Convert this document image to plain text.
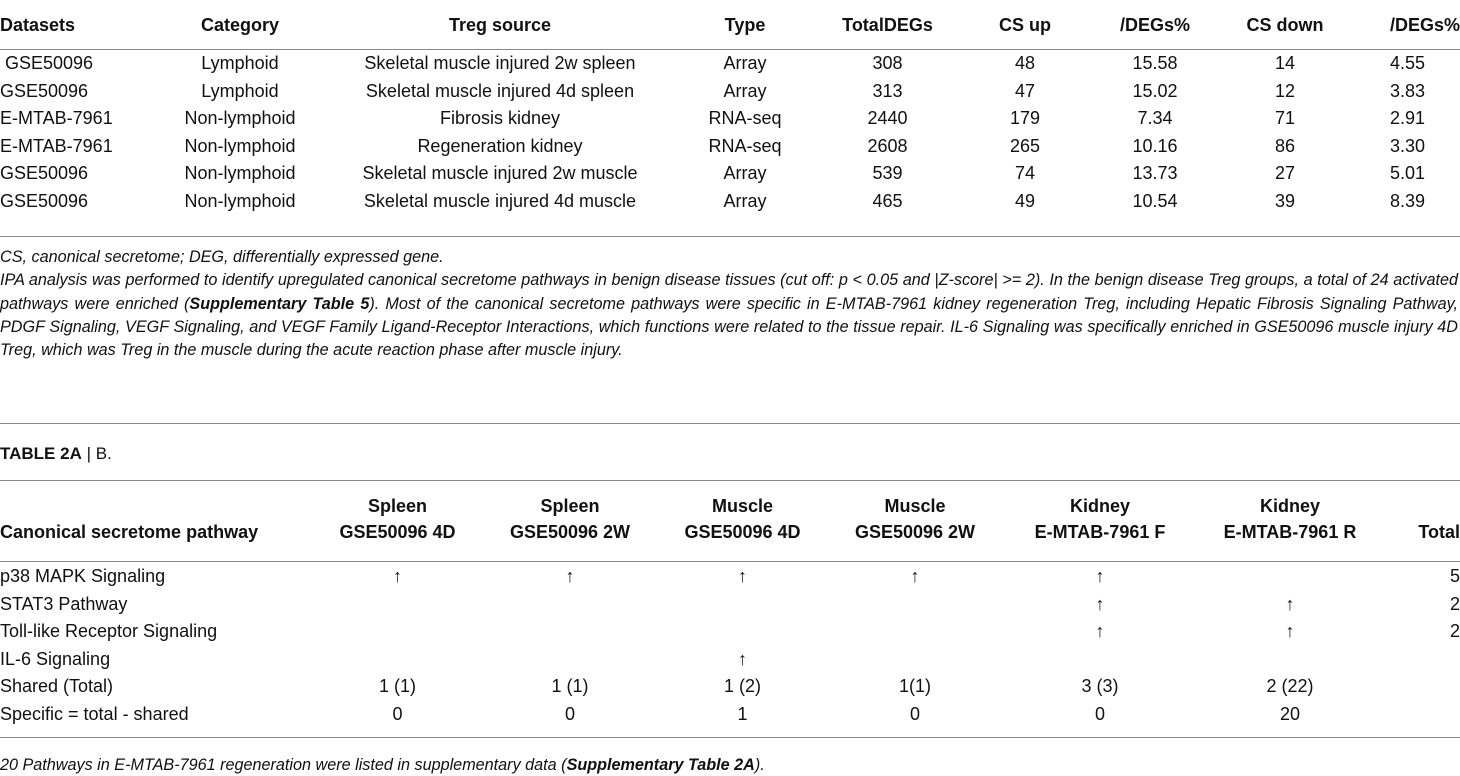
Datasets	Category	Treg source	Type	TotalDEGs	CS up	/DEGs%	CS down	/DEGs%
GSE50096	Lymphoid	Skeletal muscle injured 2w spleen	Array	308	48	15.58	14	4.55
GSE50096	Lymphoid	Skeletal muscle injured 4d spleen	Array	313	47	15.02	12	3.83
E-MTAB-7961	Non-lymphoid	Fibrosis kidney	RNA-seq	2440	179	7.34	71	2.91
E-MTAB-7961	Non-lymphoid	Regeneration kidney	RNA-seq	2608	265	10.16	86	3.30
GSE50096	Non-lymphoid	Skeletal muscle injured 2w muscle	Array	539	74	13.73	27	5.01
GSE50096	Non-lymphoid	Skeletal muscle injured 4d muscle	Array	465	49	10.54	39	8.39

CS, canonical secretome; DEG, differentially expressed gene.

IPA analysis was performed to identify upregulated canonical secretome pathways in benign disease tissues (cut off: p < 0.05 and |Z-score| >= 2). In the benign disease Treg groups, a total of 24 activated pathways were enriched (Supplementary Table 5). Most of the canonical secretome pathways were specific in E-MTAB-7961 kidney regeneration Treg, including Hepatic Fibrosis Signaling Pathway, PDGF Signaling, VEGF Signaling, and VEGF Family Ligand-Receptor Interactions, which functions were related to the tissue repair. IL-6 Signaling was specifically enriched in GSE50096 muscle injury 4D Treg, which was Treg in the muscle during the acute reaction phase after muscle injury.

TABLE 2A | B.
	Spleen	Spleen	Muscle	Muscle	Kidney	Kidney	
Canonical secretome pathway	GSE50096 4D	GSE50096 2W	GSE50096 4D	GSE50096 2W	E-MTAB-7961 F	E-MTAB-7961 R	Total

p38 MAPK Signaling	↑	↑	↑	↑	↑		5
STAT3 Pathway					↑	↑	2
Toll-like Receptor Signaling					↑	↑	2
IL-6 Signaling			↑				
Shared (Total)	1 (1)	1 (1)	1 (2)	1(1)	3 (3)	2 (22)	
Specific = total - shared	0	0	1	0	0	20	
20 Pathways in E-MTAB-7961 regeneration were listed in supplementary data (Supplementary Table 2A).
